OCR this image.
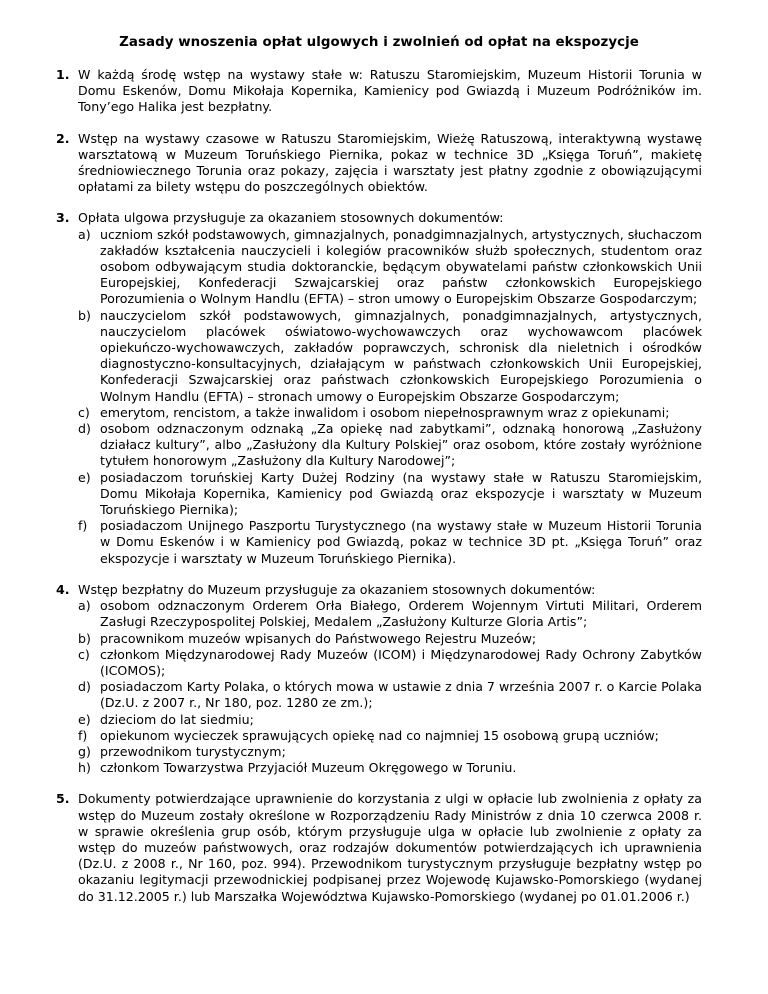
Zasady wnoszenia opłat ulgowych i zwolnień od opłat na ekspozycje
1. W każdą środę wstęp na wystawy stałe w: Ratuszu Staromiejskim, Muzeum Historii Torunia w Domu Eskenów, Domu Mikołaja Kopernika, Kamienicy pod Gwiazdą i Muzeum Podróżników im. Tony’ego Halika jest bezpłatny.
2. Wstęp na wystawy czasowe w Ratuszu Staromiejskim, Wieżę Ratuszową, interaktywną wystawę warsztatową w Muzeum Toruńskiego Piernika, pokaz w technice 3D „Księga Toruń”, makietę średniowiecznego Torunia oraz pokazy, zajęcia i warsztaty jest płatny zgodnie z obowiązującymi opłatami za bilety wstępu do poszczególnych obiektów.
3. Opłata ulgowa przysługuje za okazaniem stosownych dokumentów:
a) uczniom szkół podstawowych, gimnazjalnych, ponadgimnazjalnych, artystycznych, słuchaczom zakładów kształcenia nauczycieli i kolegiów pracowników służb społecznych, studentom oraz osobom odbywającym studia doktoranckie, będącym obywatelami państw członkowskich Unii Europejskiej, Konfederacji Szwajcarskiej oraz państw członkowskich Europejskiego Porozumienia o Wolnym Handlu (EFTA) – stron umowy o Europejskim Obszarze Gospodarczym;
b) nauczycielom szkół podstawowych, gimnazjalnych, ponadgimnazjalnych, artystycznych, nauczycielom placówek oświatowo-wychowawczych oraz wychowawcom placówek opiekuńczo-wychowawczych, zakładów poprawczych, schronisk dla nieletnich i ośrodków diagnostyczno-konsultacyjnych, działającym w państwach członkowskich Unii Europejskiej, Konfederacji Szwajcarskiej oraz państwach członkowskich Europejskiego Porozumienia o Wolnym Handlu (EFTA) – stronach umowy o Europejskim Obszarze Gospodarczym;
c) emerytom, rencistom, a także inwalidom i osobom niepełnosprawnym wraz z opiekunami;
d) osobom odznaczonym odznaką „Za opiekę nad zabytkami”, odznaką honorową „Zasłużony działacz kultury”, albo „Zasłużony dla Kultury Polskiej” oraz osobom, które zostały wyróżnione tytułem honorowym „Zasłużony dla Kultury Narodowej”;
e) posiadaczom toruńskiej Karty Dużej Rodziny (na wystawy stałe w Ratuszu Staromiejskim, Domu Mikołaja Kopernika, Kamienicy pod Gwiazdą oraz ekspozycje i warsztaty w Muzeum Toruńskiego Piernika);
f) posiadaczom Unijnego Paszportu Turystycznego (na wystawy stałe w Muzeum Historii Torunia w Domu Eskenów i w Kamienicy pod Gwiazdą, pokaz w technice 3D pt. „Księga Toruń” oraz ekspozycje i warsztaty w Muzeum Toruńskiego Piernika).
4. Wstęp bezpłatny do Muzeum przysługuje za okazaniem stosownych dokumentów:
a) osobom odznaczonym Orderem Orła Białego, Orderem Wojennym Virtuti Militari, Orderem Zasługi Rzeczypospolitej Polskiej, Medalem „Zasłużony Kulturze Gloria Artis”;
b) pracownikom muzeów wpisanych do Państwowego Rejestru Muzeów;
c) członkom Międzynarodowej Rady Muzeów (ICOM) i Międzynarodowej Rady Ochrony Zabytków (ICOMOS);
d) posiadaczom Karty Polaka, o których mowa w ustawie z dnia 7 września 2007 r. o Karcie Polaka (Dz.U. z 2007 r., Nr 180, poz. 1280 ze zm.);
e) dzieciom do lat siedmiu;
f) opiekunom wycieczek sprawujących opiekę nad co najmniej 15 osobową grupą uczniów;
g) przewodnikom turystycznym;
h) członkom Towarzystwa Przyjaciół Muzeum Okręgowego w Toruniu.
5. Dokumenty potwierdzające uprawnienie do korzystania z ulgi w opłacie lub zwolnienia z opłaty za wstęp do Muzeum zostały określone w Rozporządzeniu Rady Ministrów z dnia 10 czerwca 2008 r. w sprawie określenia grup osób, którym przysługuje ulga w opłacie lub zwolnienie z opłaty za wstęp do muzeów państwowych, oraz rodzajów dokumentów potwierdzających ich uprawnienia (Dz.U. z 2008 r., Nr 160, poz. 994). Przewodnikom turystycznym przysługuje bezpłatny wstęp po okazaniu legitymacji przewodnickiej podpisanej przez Wojewodę Kujawsko-Pomorskiego (wydanej do 31.12.2005 r.) lub Marszałka Województwa Kujawsko-Pomorskiego (wydanej po 01.01.2006 r.)
